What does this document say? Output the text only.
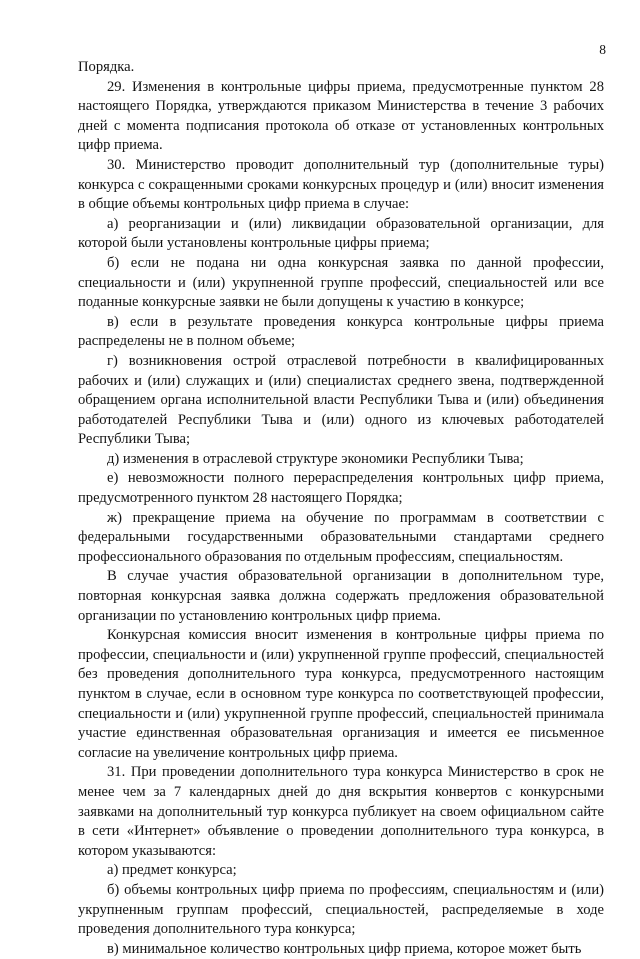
8

Порядка.

29. Изменения в контрольные цифры приема, предусмотренные пунктом 28 настоящего Порядка, утверждаются приказом Министерства в течение 3 рабочих дней с момента подписания протокола об отказе от установленных контрольных цифр приема.

30. Министерство проводит дополнительный тур (дополнительные туры) конкурса с сокращенными сроками конкурсных процедур и (или) вносит изменения в общие объемы контрольных цифр приема в случае:

а) реорганизации и (или) ликвидации образовательной организации, для которой были установлены контрольные цифры приема;

б) если не подана ни одна конкурсная заявка по данной профессии, специальности и (или) укрупненной группе профессий, специальностей или все поданные конкурсные заявки не были допущены к участию в конкурсе;

в) если в результате проведения конкурса контрольные цифры приема распределены не в полном объеме;

г) возникновения острой отраслевой потребности в квалифицированных рабочих и (или) служащих и (или) специалистах среднего звена, подтвержденной обращением органа исполнительной власти Республики Тыва и (или) объединения работодателей Республики Тыва и (или) одного из ключевых работодателей Республики Тыва;

д) изменения в отраслевой структуре экономики Республики Тыва;

е) невозможности полного перераспределения контрольных цифр приема, предусмотренного пунктом 28 настоящего Порядка;

ж) прекращение приема на обучение по программам в соответствии с федеральными государственными образовательными стандартами среднего профессионального образования по отдельным профессиям, специальностям.

В случае участия образовательной организации в дополнительном туре, повторная конкурсная заявка должна содержать предложения образовательной организации по установлению контрольных цифр приема.

Конкурсная комиссия вносит изменения в контрольные цифры приема по профессии, специальности и (или) укрупненной группе профессий, специальностей без проведения дополнительного тура конкурса, предусмотренного настоящим пунктом в случае, если в основном туре конкурса по соответствующей профессии, специальности и (или) укрупненной группе профессий, специальностей принимала участие единственная образовательная организация и имеется ее письменное согласие на увеличение контрольных цифр приема.

31. При проведении дополнительного тура конкурса Министерство в срок не менее чем за 7 календарных дней до дня вскрытия конвертов с конкурсными заявками на дополнительный тур конкурса публикует на своем официальном сайте в сети «Интернет» объявление о проведении дополнительного тура конкурса, в котором указываются:

а) предмет конкурса;

б) объемы контрольных цифр приема по профессиям, специальностям и (или) укрупненным группам профессий, специальностей, распределяемые в ходе проведения дополнительного тура конкурса;

в) минимальное количество контрольных цифр приема, которое может быть
